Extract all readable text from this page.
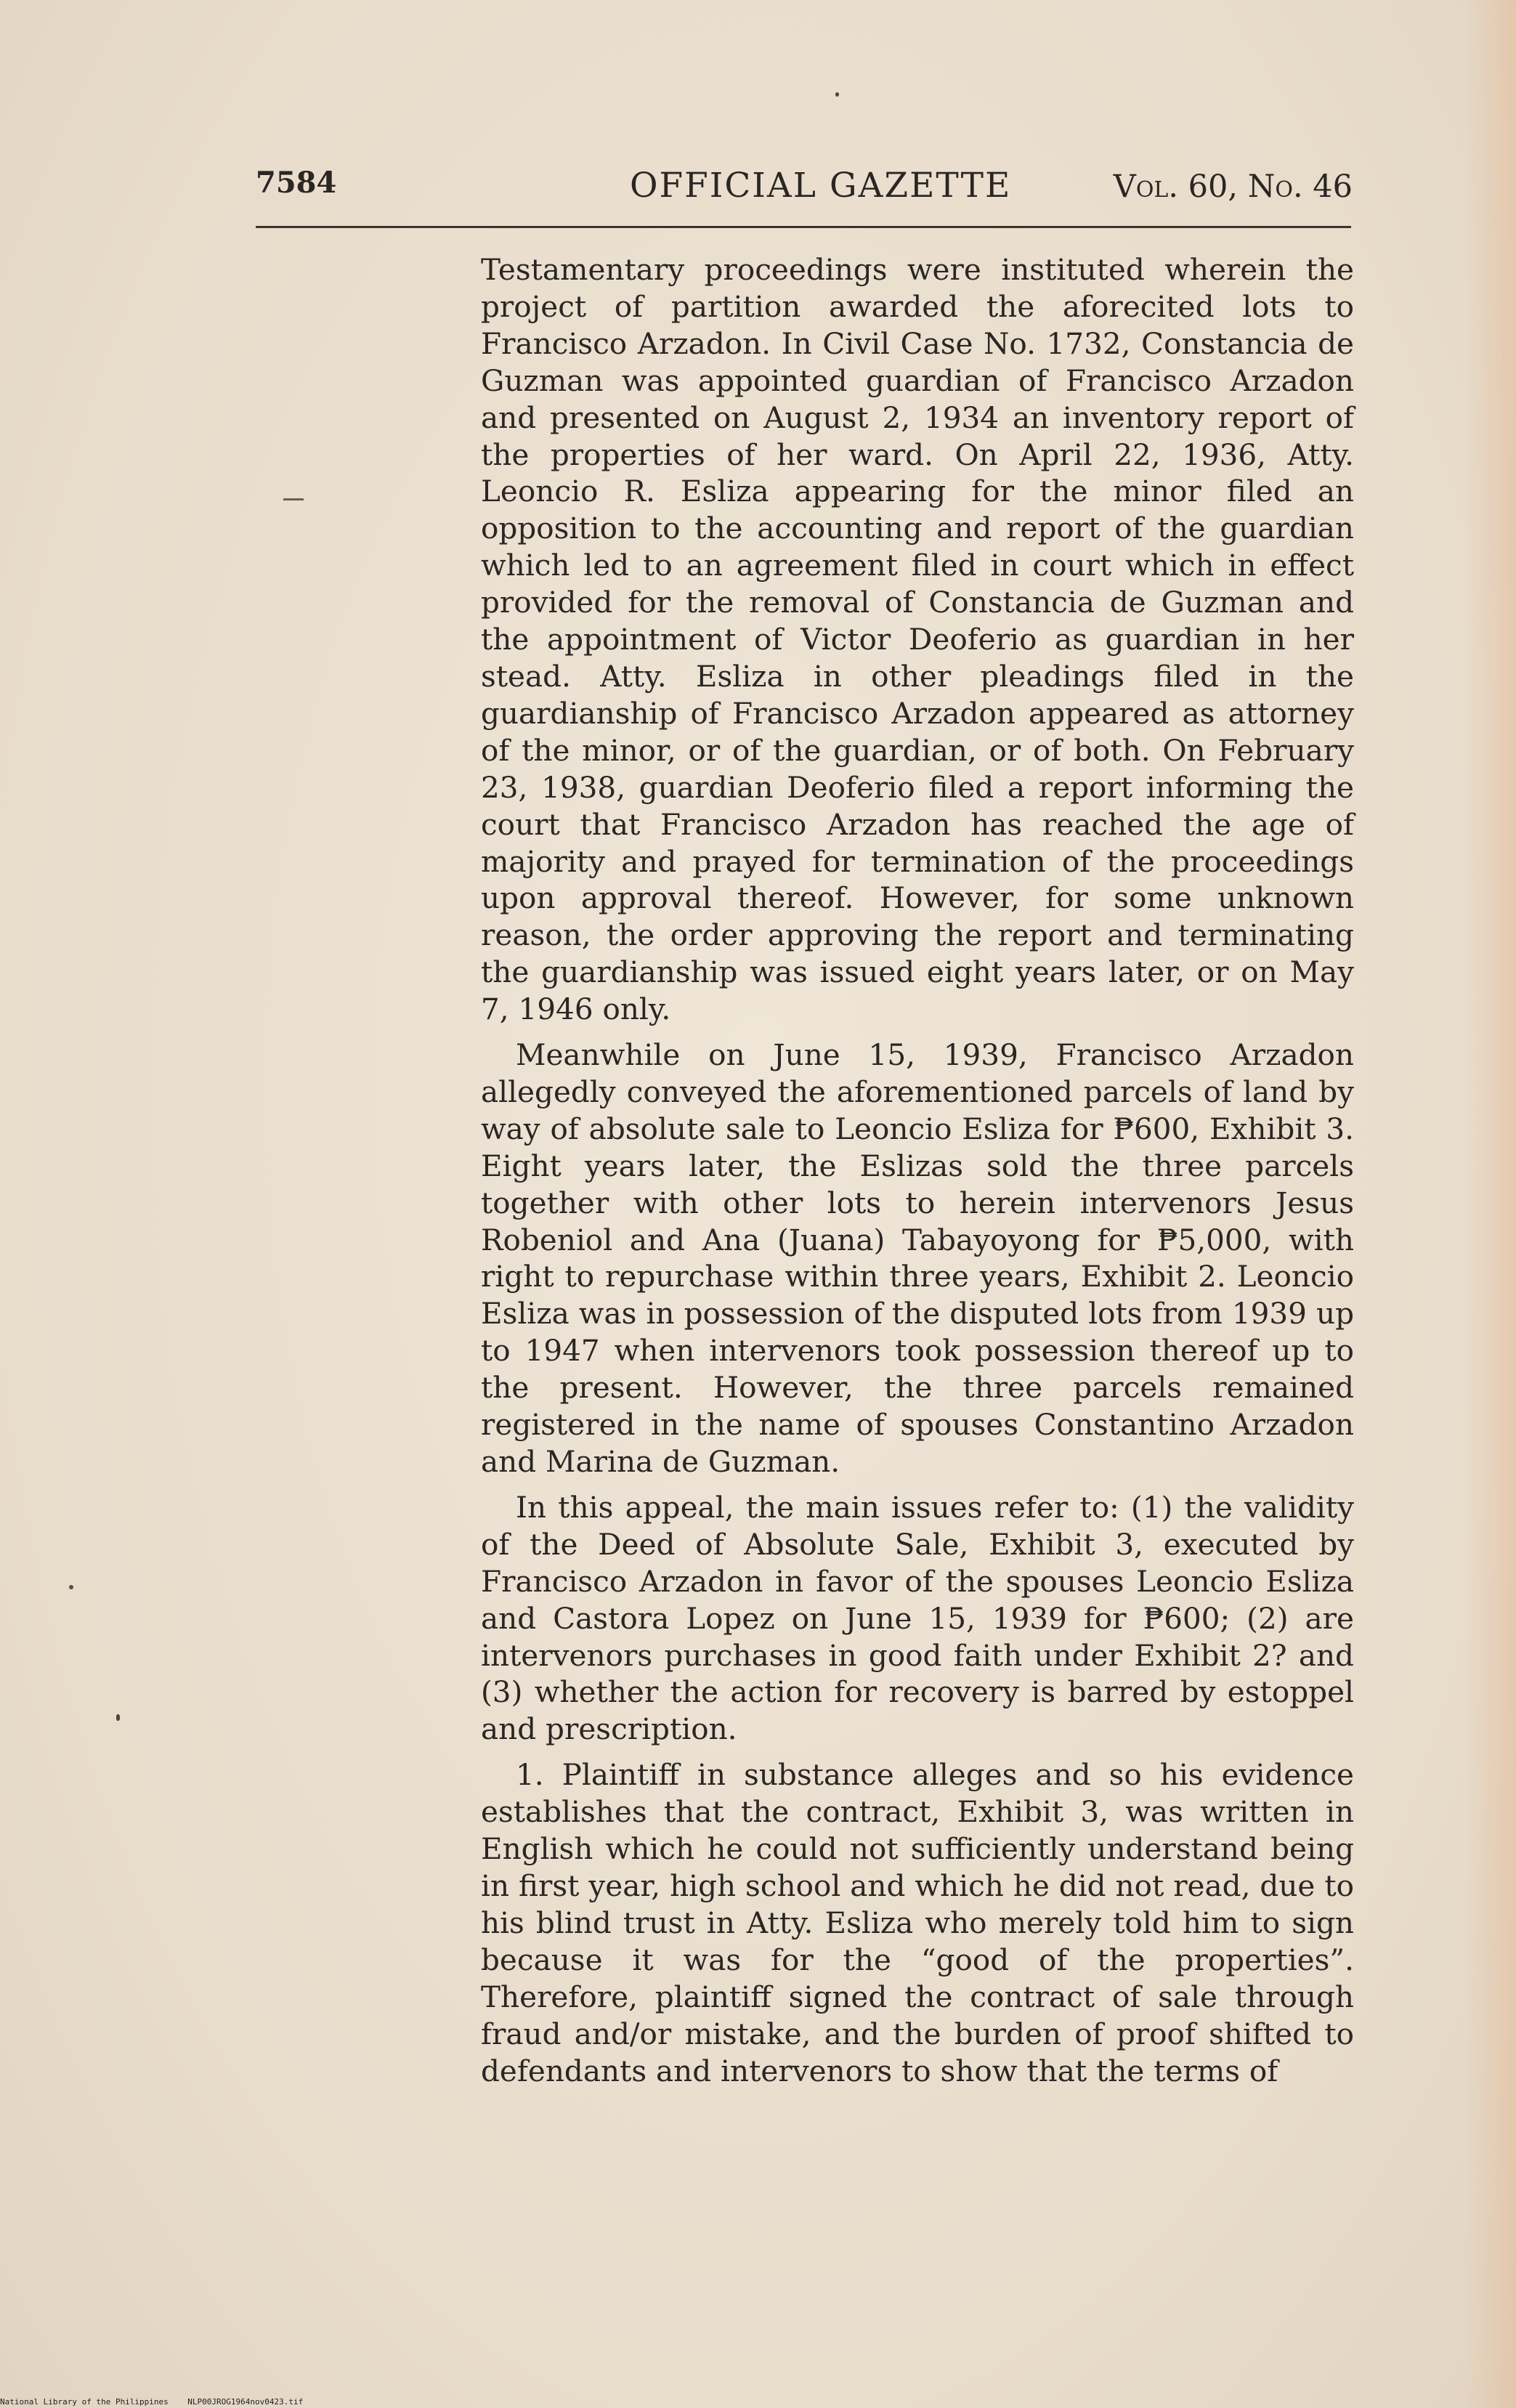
7584	OFFICIAL GAZETTE	Vol. 60, No. 46

Testamentary proceedings were instituted wherein the project of partition awarded the aforecited lots to Francisco Arzadon. In Civil Case No. 1732, Constancia de Guzman was appointed guardian of Francisco Arzadon and presented on August 2, 1934 an inventory report of the properties of her ward. On April 22, 1936, Atty. Leoncio R. Esliza appearing for the minor filed an opposition to the accounting and report of the guardian which led to an agreement filed in court which in effect provided for the removal of Constancia de Guzman and the appointment of Victor Deoferio as guardian in her stead. Atty. Esliza in other pleadings filed in the guardianship of Francisco Arzadon appeared as attorney of the minor, or of the guardian, or of both. On February 23, 1938, guardian Deoferio filed a report informing the court that Francisco Arzadon has reached the age of majority and prayed for termination of the proceedings upon approval thereof. However, for some unknown reason, the order approving the report and terminating the guardianship was issued eight years later, or on May 7, 1946 only.

Meanwhile on June 15, 1939, Francisco Arzadon allegedly conveyed the aforementioned parcels of land by way of absolute sale to Leoncio Esliza for ₱600, Exhibit 3. Eight years later, the Eslizas sold the three parcels together with other lots to herein intervenors Jesus Robeniol and Ana (Juana) Tabayoyong for ₱5,000, with right to repurchase within three years, Exhibit 2. Leoncio Esliza was in possession of the disputed lots from 1939 up to 1947 when intervenors took possession thereof up to the present. However, the three parcels remained registered in the name of spouses Constantino Arzadon and Marina de Guzman.

In this appeal, the main issues refer to: (1) the validity of the Deed of Absolute Sale, Exhibit 3, executed by Francisco Arzadon in favor of the spouses Leoncio Esliza and Castora Lopez on June 15, 1939 for ₱600; (2) are intervenors purchases in good faith under Exhibit 2? and (3) whether the action for recovery is barred by estoppel and prescription.

1. Plaintiff in substance alleges and so his evidence establishes that the contract, Exhibit 3, was written in English which he could not sufficiently understand being in first year, high school and which he did not read, due to his blind trust in Atty. Esliza who merely told him to sign because it was for the “good of the properties”. Therefore, plaintiff signed the contract of sale through fraud and/or mistake, and the burden of proof shifted to defendants and intervenors to show that the terms of

National Library of the Philippines NLP00JROG1964nov0423.tif
